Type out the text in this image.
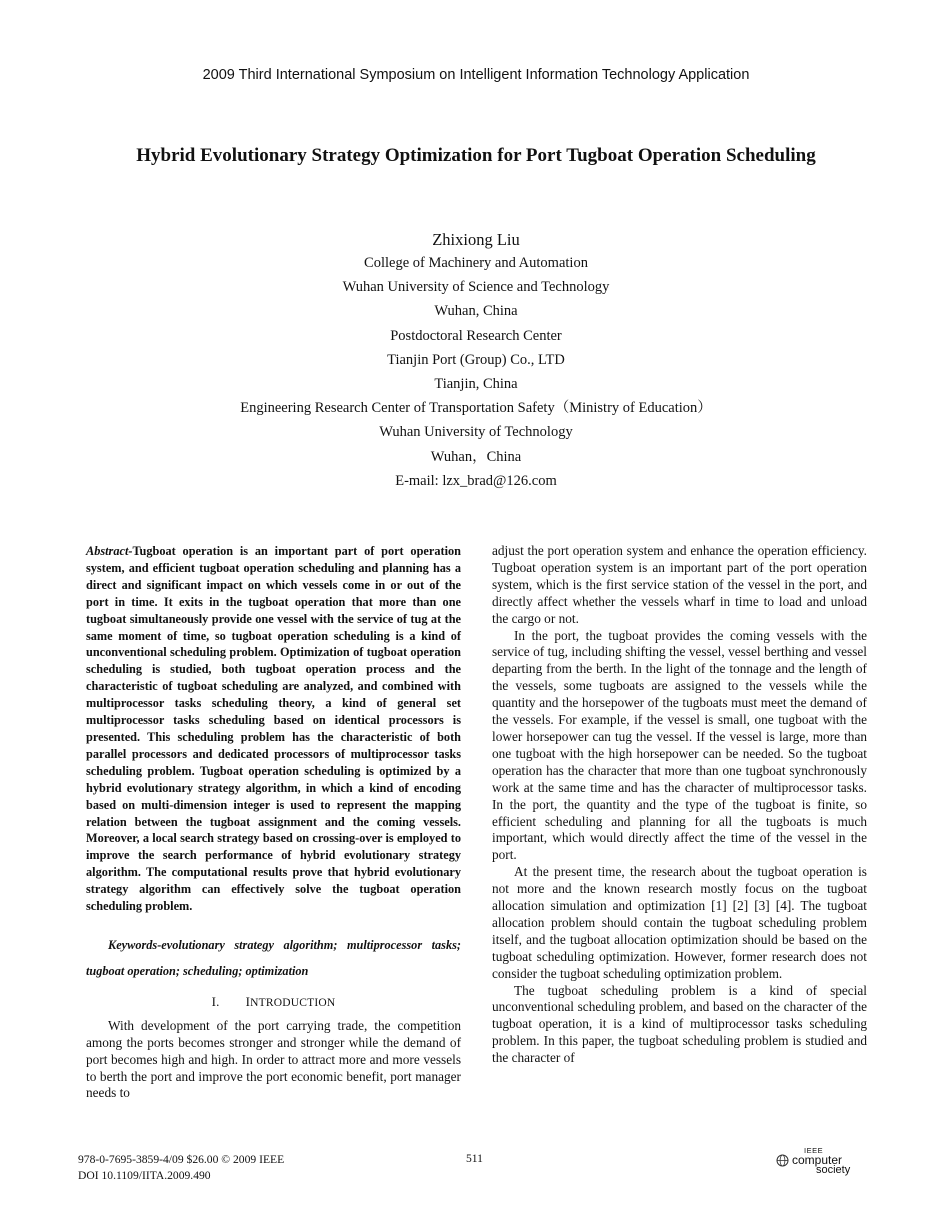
2009 Third International Symposium on Intelligent Information Technology Application
Hybrid Evolutionary Strategy Optimization for Port Tugboat Operation Scheduling
Zhixiong Liu
College of Machinery and Automation
Wuhan University of Science and Technology
Wuhan, China
Postdoctoral Research Center
Tianjin Port (Group) Co., LTD
Tianjin, China
Engineering Research Center of Transportation Safety（Ministry of Education）
Wuhan University of Technology
Wuhan，China
E-mail: lzx_brad@126.com

Abstract-Tugboat operation is an important part of port operation system, and efficient tugboat operation scheduling and planning has a direct and significant impact on which vessels come in or out of the port in time. It exits in the tugboat operation that more than one tugboat simultaneously provide one vessel with the service of tug at the same moment of time, so tugboat operation scheduling is a kind of unconventional scheduling problem. Optimization of tugboat operation scheduling is studied, both tugboat operation process and the characteristic of tugboat scheduling are analyzed, and combined with multiprocessor tasks scheduling theory, a kind of general set multiprocessor tasks scheduling based on identical processors is presented. This scheduling problem has the characteristic of both parallel processors and dedicated processors of multiprocessor tasks scheduling problem. Tugboat operation scheduling is optimized by a hybrid evolutionary strategy algorithm, in which a kind of encoding based on multi-dimension integer is used to represent the mapping relation between the tugboat assignment and the coming vessels. Moreover, a local search strategy based on crossing-over is employed to improve the search performance of hybrid evolutionary strategy algorithm. The computational results prove that hybrid evolutionary strategy algorithm can effectively solve the tugboat operation scheduling problem.

Keywords-evolutionary strategy algorithm; multiprocessor tasks; tugboat operation; scheduling; optimization

I. INTRODUCTION

With development of the port carrying trade, the competition among the ports becomes stronger and stronger while the demand of port becomes high and high. In order to attract more and more vessels to berth the port and improve the port economic benefit, port manager needs to

adjust the port operation system and enhance the operation efficiency. Tugboat operation system is an important part of the port operation system, which is the first service station of the vessel in the port, and directly affect whether the vessels wharf in time to load and unload the cargo or not.

In the port, the tugboat provides the coming vessels with the service of tug, including shifting the vessel, vessel berthing and vessel departing from the berth. In the light of the tonnage and the length of the vessels, some tugboats are assigned to the vessels while the quantity and the horsepower of the tugboats must meet the demand of the vessels. For example, if the vessel is small, one tugboat with the lower horsepower can tug the vessel. If the vessel is large, more than one tugboat with the high horsepower can be needed. So the tugboat operation has the character that more than one tugboat synchronously work at the same time and has the character of multiprocessor tasks. In the port, the quantity and the type of the tugboat is finite, so efficient scheduling and planning for all the tugboats is much important, which would directly affect the time of the vessel in the port.

At the present time, the research about the tugboat operation is not more and the known research mostly focus on the tugboat allocation simulation and optimization [1] [2] [3] [4]. The tugboat allocation problem should contain the tugboat scheduling problem itself, and the tugboat allocation optimization should be based on the tugboat scheduling optimization. However, former research does not consider the tugboat scheduling optimization problem.

The tugboat scheduling problem is a kind of special unconventional scheduling problem, and based on the character of the tugboat operation, it is a kind of multiprocessor tasks scheduling problem. In this paper, the tugboat scheduling problem is studied and the character of

978-0-7695-3859-4/09 $26.00 © 2009 IEEE
DOI 10.1109/IITA.2009.490
511
IEEE
computer
society
